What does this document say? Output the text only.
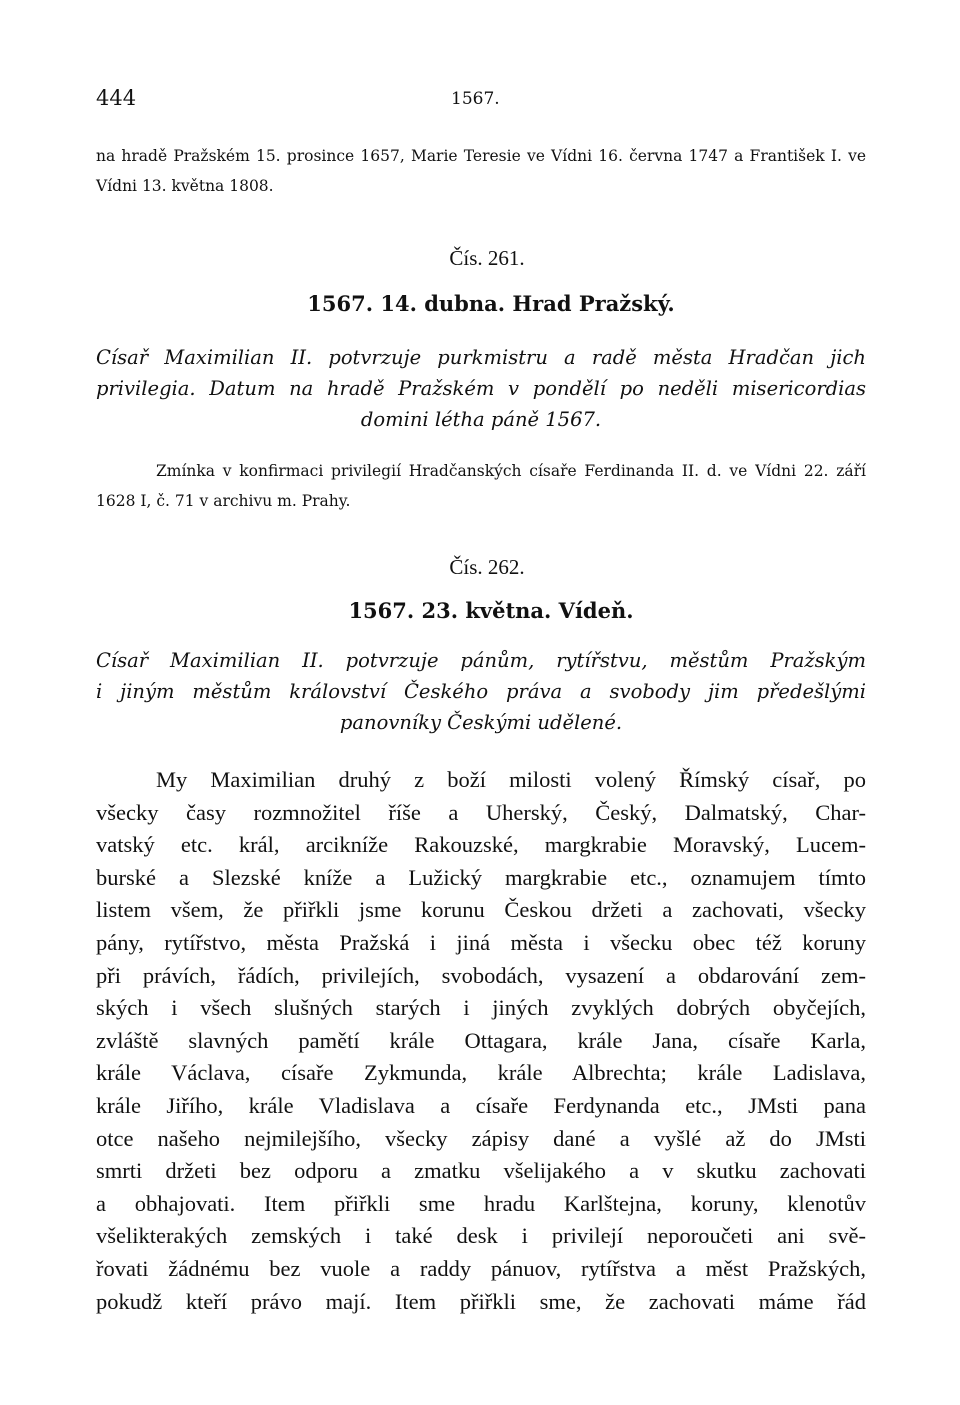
444	1567.
na hradě Pražském 15. prosince 1657, Marie Teresie ve Vídni 16. června 1747 a František I. ve Vídni 13. května 1808.
Čís. 261.
1567. 14. dubna. Hrad Pražský.
Císař Maximilian II. potvrzuje purkmistru a radě města Hradčan jich
privilegia. Datum na hradě Pražském v pondělí po neděli misericordias
domini létha páně 1567.
Zmínka v konfirmaci privilegií Hradčanských císaře Ferdinanda II. d. ve Vídni 22. září 1628 I, č. 71 v archivu m. Prahy.
Čís. 262.
1567. 23. května. Vídeň.
Císař Maximilian II. potvrzuje pánům, rytířstvu, městům Pražským
i jiným městům království Českého práva a svobody jim předešlými
panovníky Českými udělené.
My Maximilian druhý z boží milosti volený Římský císař, po
všecky časy rozmnožitel říše a Uherský, Český, Dalmatský, Char-
vatský etc. král, arcikníže Rakouzské, margkrabie Moravský, Lucem-
burské a Slezské kníže a Lužický margkrabie etc., oznamujem tímto
listem všem, že přiřkli jsme korunu Českou držeti a zachovati, všecky
pány, rytířstvo, města Pražská i jiná města i všecku obec též koruny
při právích, řádích, privilejích, svobodách, vysazení a obdarování zem-
ských i všech slušných starých i jiných zvyklých dobrých obyčejích,
zvláště slavných pamětí krále Ottagara, krále Jana, císaře Karla,
krále Václava, císaře Zykmunda, krále Albrechta; krále Ladislava,
krále Jiřího, krále Vladislava a císaře Ferdynanda etc., JMsti pana
otce našeho nejmilejšího, všecky zápisy dané a vyšlé až do JMsti
smrti držeti bez odporu a zmatku všelijakého a v skutku zachovati
a obhajovati. Item přiřkli sme hradu Karlštejna, koruny, klenotův
všelikterakých zemských i také desk i privilejí neporoučeti ani svě-
řovati žádnému bez vuole a raddy pánuov, rytířstva a měst Pražských,
pokudž kteří právo mají. Item přiřkli sme, že zachovati máme řád
